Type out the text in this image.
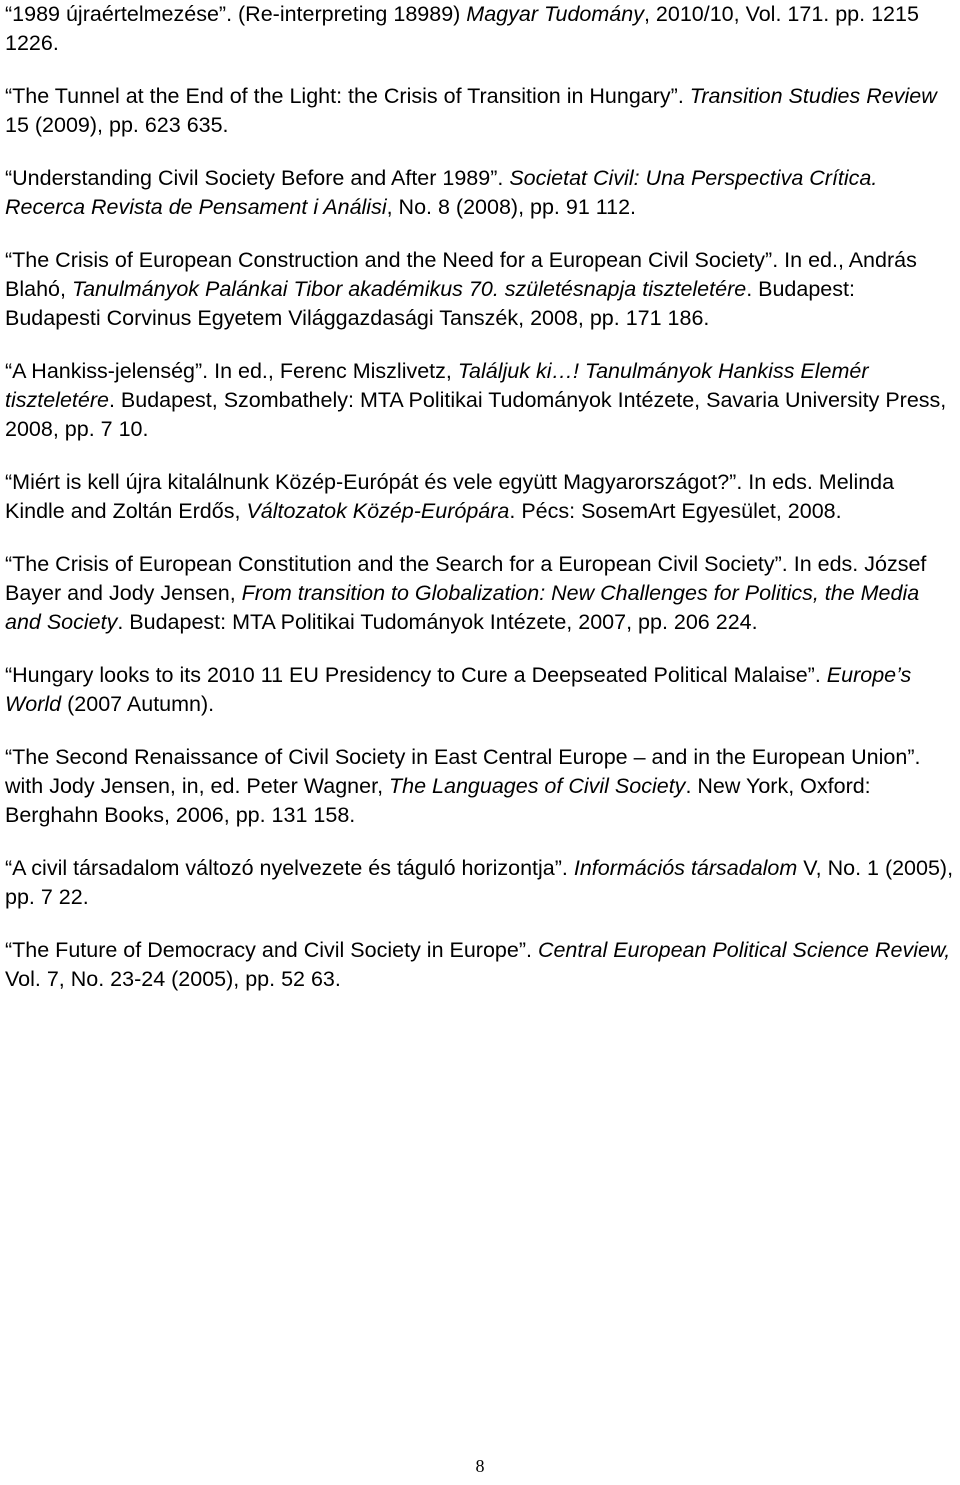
“1989 újraértelmezése”. (Re-interpreting 18989) Magyar Tudomány, 2010/10, Vol. 171. pp. 1215 1226.

“The Tunnel at the End of the Light: the Crisis of Transition in Hungary”. Transition Studies Review 15 (2009), pp. 623 635.

“Understanding Civil Society Before and After 1989”. Societat Civil: Una Perspectiva Crítica. Recerca Revista de Pensament i Análisi, No. 8 (2008), pp. 91 112.

“The Crisis of European Construction and the Need for a European Civil Society”. In ed., András Blahó, Tanulmányok Palánkai Tibor akadémikus 70. születésnapja tiszteletére. Budapest: Budapesti Corvinus Egyetem Világgazdasági Tanszék, 2008, pp. 171 186.

“A Hankiss-jelenség”. In ed., Ferenc Miszlivetz, Találjuk ki…! Tanulmányok Hankiss Elemér tiszteletére. Budapest, Szombathely: MTA Politikai Tudományok Intézete, Savaria University Press, 2008, pp. 7 10.

“Miért is kell újra kitalálnunk Közép-Európát és vele együtt Magyarországot?”. In eds. Melinda Kindle and Zoltán Erdős, Változatok Közép-Európára. Pécs: SosemArt Egyesület, 2008.

“The Crisis of European Constitution and the Search for a European Civil Society”. In eds. József Bayer and Jody Jensen, From transition to Globalization: New Challenges for Politics, the Media and Society. Budapest: MTA Politikai Tudományok Intézete, 2007, pp. 206 224.

“Hungary looks to its 2010 11 EU Presidency to Cure a Deepseated Political Malaise”. Europe’s World (2007 Autumn).

“The Second Renaissance of Civil Society in East Central Europe – and in the European Union”. with Jody Jensen, in, ed. Peter Wagner, The Languages of Civil Society. New York, Oxford: Berghahn Books, 2006, pp. 131 158.

“A civil társadalom változó nyelvezete és táguló horizontja”. Információs társadalom V, No. 1 (2005), pp. 7 22.

“The Future of Democracy and Civil Society in Europe”. Central European Political Science Review, Vol. 7, No. 23-24 (2005), pp. 52 63.

8
